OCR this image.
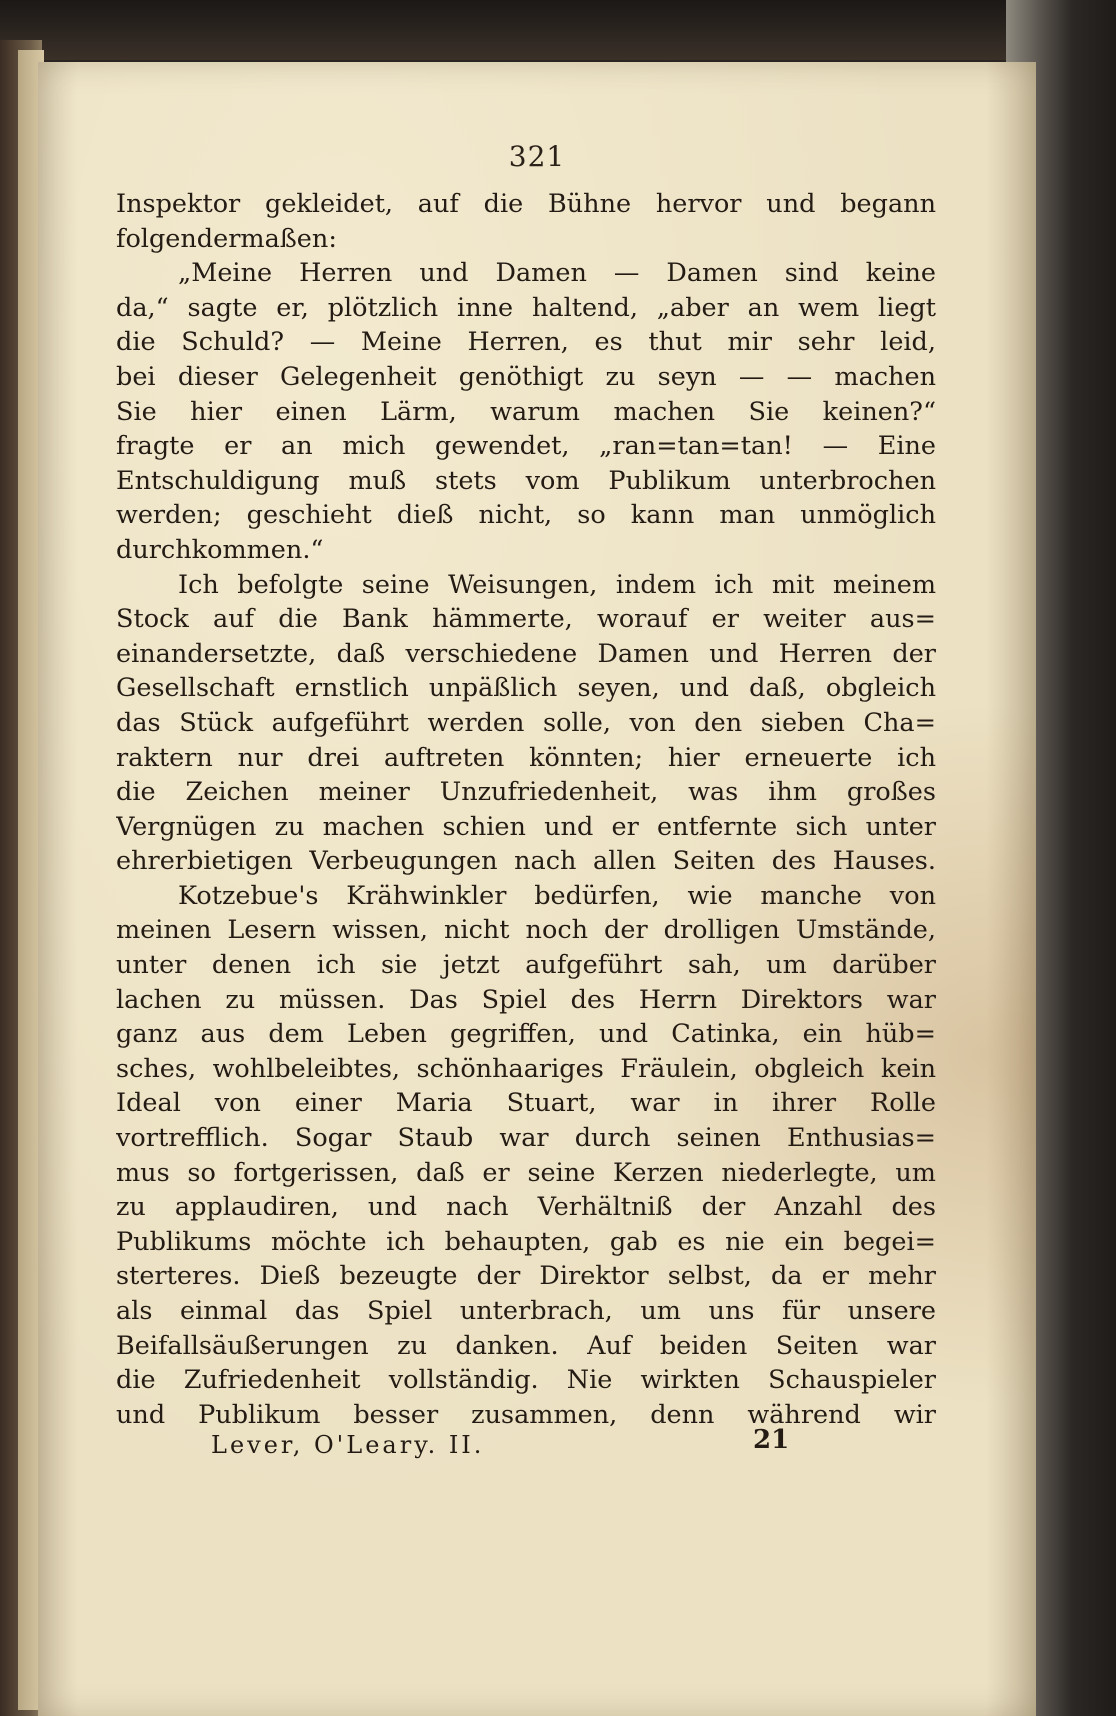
321
Inspektor gekleidet, auf die Bühne hervor und begann
folgendermaßen:
„Meine Herren und Damen — Damen sind keine
da,“ sagte er, plötzlich inne haltend, „aber an wem liegt
die Schuld? — Meine Herren, es thut mir sehr leid,
bei dieser Gelegenheit genöthigt zu seyn — — machen
Sie hier einen Lärm, warum machen Sie keinen?“
fragte er an mich gewendet, „ran=tan=tan! — Eine
Entschuldigung muß stets vom Publikum unterbrochen
werden; geschieht dieß nicht, so kann man unmöglich
durchkommen.“
Ich befolgte seine Weisungen, indem ich mit meinem
Stock auf die Bank hämmerte, worauf er weiter aus=
einandersetzte, daß verschiedene Damen und Herren der
Gesellschaft ernstlich unpäßlich seyen, und daß, obgleich
das Stück aufgeführt werden solle, von den sieben Cha=
raktern nur drei auftreten könnten; hier erneuerte ich
die Zeichen meiner Unzufriedenheit, was ihm großes
Vergnügen zu machen schien und er entfernte sich unter
ehrerbietigen Verbeugungen nach allen Seiten des Hauses.
Kotzebue's Krähwinkler bedürfen, wie manche von
meinen Lesern wissen, nicht noch der drolligen Umstände,
unter denen ich sie jetzt aufgeführt sah, um darüber
lachen zu müssen. Das Spiel des Herrn Direktors war
ganz aus dem Leben gegriffen, und Catinka, ein hüb=
sches, wohlbeleibtes, schönhaariges Fräulein, obgleich kein
Ideal von einer Maria Stuart, war in ihrer Rolle
vortrefflich. Sogar Staub war durch seinen Enthusias=
mus so fortgerissen, daß er seine Kerzen niederlegte, um
zu applaudiren, und nach Verhältniß der Anzahl des
Publikums möchte ich behaupten, gab es nie ein begei=
sterteres. Dieß bezeugte der Direktor selbst, da er mehr
als einmal das Spiel unterbrach, um uns für unsere
Beifallsäußerungen zu danken. Auf beiden Seiten war
die Zufriedenheit vollständig. Nie wirkten Schauspieler
und Publikum besser zusammen, denn während wir
Lever, O'Leary. II.	21
